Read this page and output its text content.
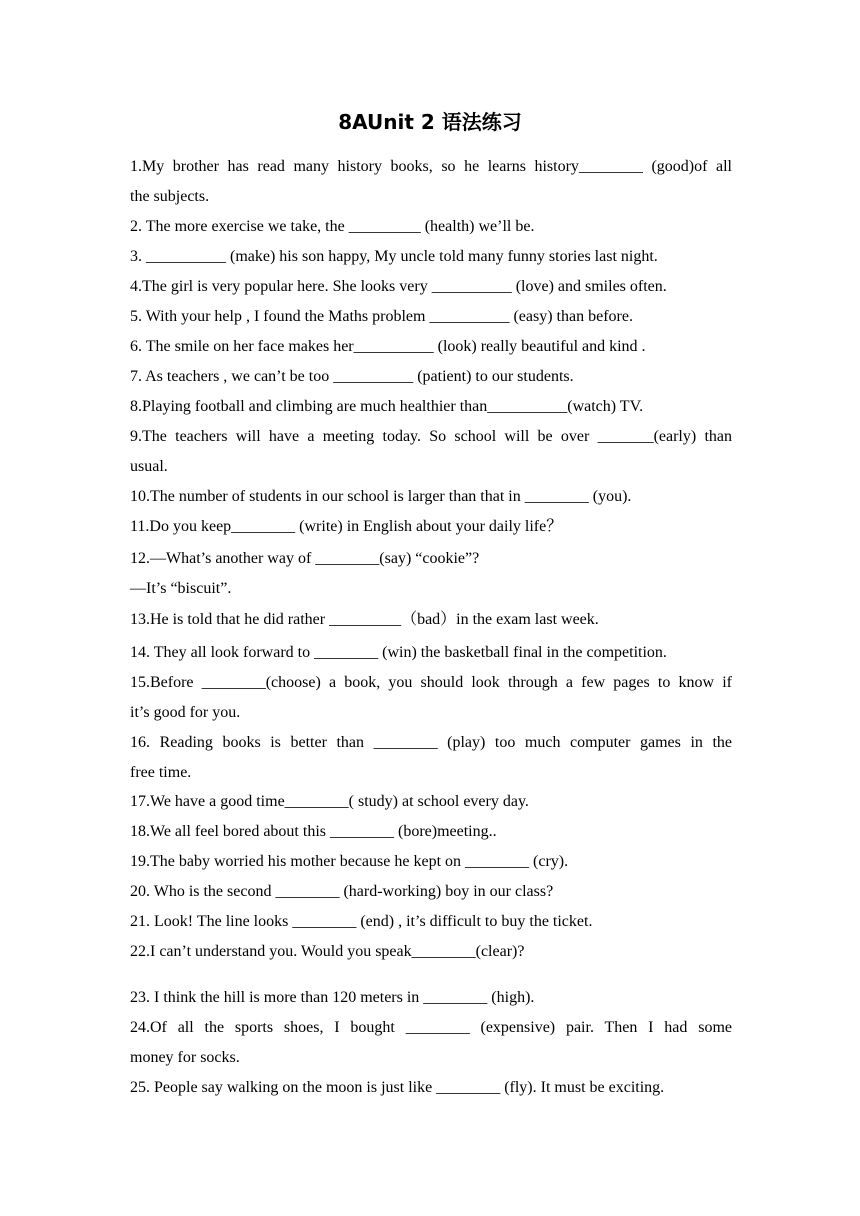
8AUnit 2 语法练习
1.My brother has read many history books, so he learns history________ (good)of all
the subjects.
2. The more exercise we take, the _________ (health) we’ll be.
3. __________ (make) his son happy, My uncle told many funny stories last night.
4.The girl is very popular here. She looks very __________ (love) and smiles often.
5. With your help , I found the Maths problem __________ (easy) than before.
6. The smile on her face makes her__________ (look) really beautiful and kind .
7. As teachers , we can’t be too __________ (patient) to our students.
8.Playing football and climbing are much healthier than__________(watch) TV.
9.The teachers will have a meeting today. So school will be over _______(early) than
usual.
10.The number of students in our school is larger than that in ________ (you).
11.Do you keep________ (write) in English about your daily life？
12.—What’s another way of ________(say) “cookie”?
—It’s “biscuit”.
13.He is told that he did rather _________（bad）in the exam last week.
14. They all look forward to ________ (win) the basketball final in the competition.
15.Before ________(choose) a book, you should look through a few pages to know if
it’s good for you.
16. Reading books is better than ________ (play) too much computer games in the
free time.
17.We have a good time________( study) at school every day.
18.We all feel bored about this ________ (bore)meeting..
19.The baby worried his mother because he kept on ________ (cry).
20. Who is the second ________ (hard-working) boy in our class?
21. Look! The line looks ________ (end) , it’s difficult to buy the ticket.
22.I can’t understand you. Would you speak________(clear)?
23. I think the hill is more than 120 meters in ________ (high).
24.Of all the sports shoes, I bought ________ (expensive) pair. Then I had some
money for socks.
25. People say walking on the moon is just like ________ (fly). It must be exciting.
